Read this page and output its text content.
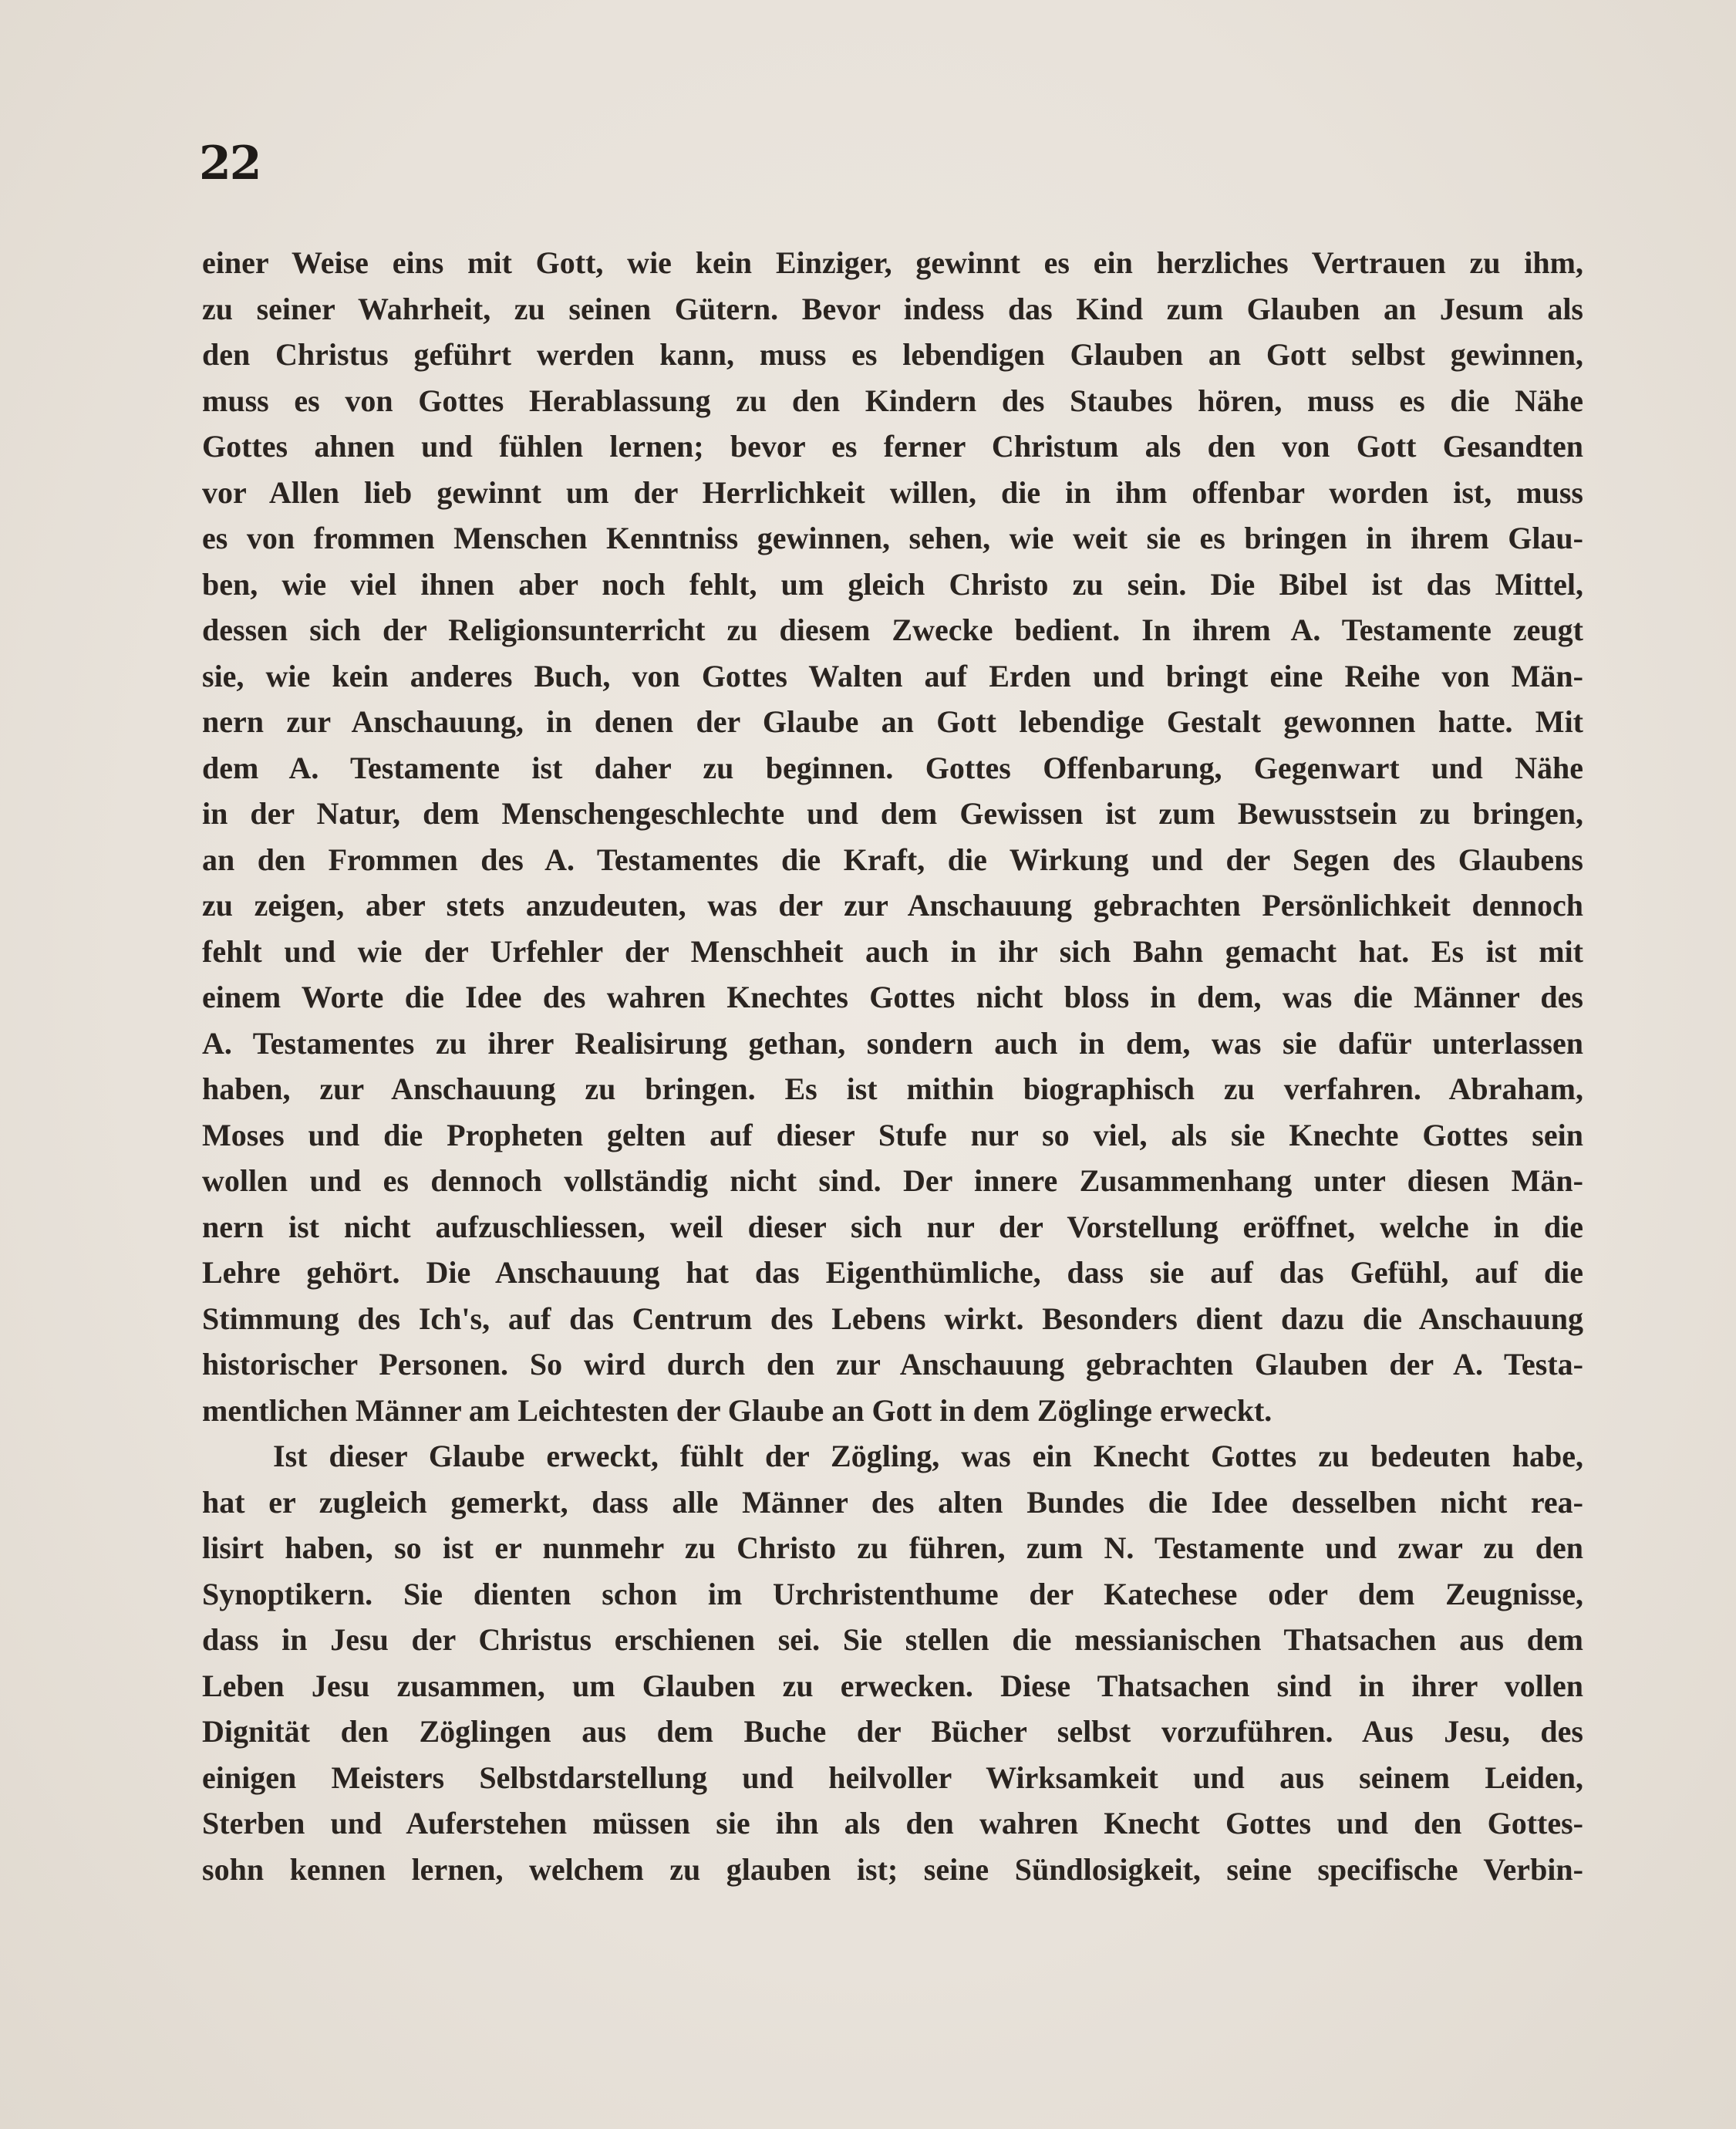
22
einer Weise eins mit Gott, wie kein Einziger, gewinnt es ein herzliches Vertrauen zu ihm,
zu seiner Wahrheit, zu seinen Gütern. Bevor indess das Kind zum Glauben an Jesum als
den Christus geführt werden kann, muss es lebendigen Glauben an Gott selbst gewinnen,
muss es von Gottes Herablassung zu den Kindern des Staubes hören, muss es die Nähe
Gottes ahnen und fühlen lernen; bevor es ferner Christum als den von Gott Gesandten
vor Allen lieb gewinnt um der Herrlichkeit willen, die in ihm offenbar worden ist, muss
es von frommen Menschen Kenntniss gewinnen, sehen, wie weit sie es bringen in ihrem Glau-
ben, wie viel ihnen aber noch fehlt, um gleich Christo zu sein. Die Bibel ist das Mittel,
dessen sich der Religionsunterricht zu diesem Zwecke bedient. In ihrem A. Testamente zeugt
sie, wie kein anderes Buch, von Gottes Walten auf Erden und bringt eine Reihe von Män-
nern zur Anschauung, in denen der Glaube an Gott lebendige Gestalt gewonnen hatte. Mit
dem A. Testamente ist daher zu beginnen. Gottes Offenbarung, Gegenwart und Nähe
in der Natur, dem Menschengeschlechte und dem Gewissen ist zum Bewusstsein zu bringen,
an den Frommen des A. Testamentes die Kraft, die Wirkung und der Segen des Glaubens
zu zeigen, aber stets anzudeuten, was der zur Anschauung gebrachten Persönlichkeit dennoch
fehlt und wie der Urfehler der Menschheit auch in ihr sich Bahn gemacht hat. Es ist mit
einem Worte die Idee des wahren Knechtes Gottes nicht bloss in dem, was die Männer des
A. Testamentes zu ihrer Realisirung gethan, sondern auch in dem, was sie dafür unterlassen
haben, zur Anschauung zu bringen. Es ist mithin biographisch zu verfahren. Abraham,
Moses und die Propheten gelten auf dieser Stufe nur so viel, als sie Knechte Gottes sein
wollen und es dennoch vollständig nicht sind. Der innere Zusammenhang unter diesen Män-
nern ist nicht aufzuschliessen, weil dieser sich nur der Vorstellung eröffnet, welche in die
Lehre gehört. Die Anschauung hat das Eigenthümliche, dass sie auf das Gefühl, auf die
Stimmung des Ich's, auf das Centrum des Lebens wirkt. Besonders dient dazu die Anschauung
historischer Personen. So wird durch den zur Anschauung gebrachten Glauben der A. Testa-
mentlichen Männer am Leichtesten der Glaube an Gott in dem Zöglinge erweckt.
Ist dieser Glaube erweckt, fühlt der Zögling, was ein Knecht Gottes zu bedeuten habe,
hat er zugleich gemerkt, dass alle Männer des alten Bundes die Idee desselben nicht rea-
lisirt haben, so ist er nunmehr zu Christo zu führen, zum N. Testamente und zwar zu den
Synoptikern. Sie dienten schon im Urchristenthume der Katechese oder dem Zeugnisse,
dass in Jesu der Christus erschienen sei. Sie stellen die messianischen Thatsachen aus dem
Leben Jesu zusammen, um Glauben zu erwecken. Diese Thatsachen sind in ihrer vollen
Dignität den Zöglingen aus dem Buche der Bücher selbst vorzuführen. Aus Jesu, des
einigen Meisters Selbstdarstellung und heilvoller Wirksamkeit und aus seinem Leiden,
Sterben und Auferstehen müssen sie ihn als den wahren Knecht Gottes und den Gottes-
sohn kennen lernen, welchem zu glauben ist; seine Sündlosigkeit, seine specifische Verbin-
